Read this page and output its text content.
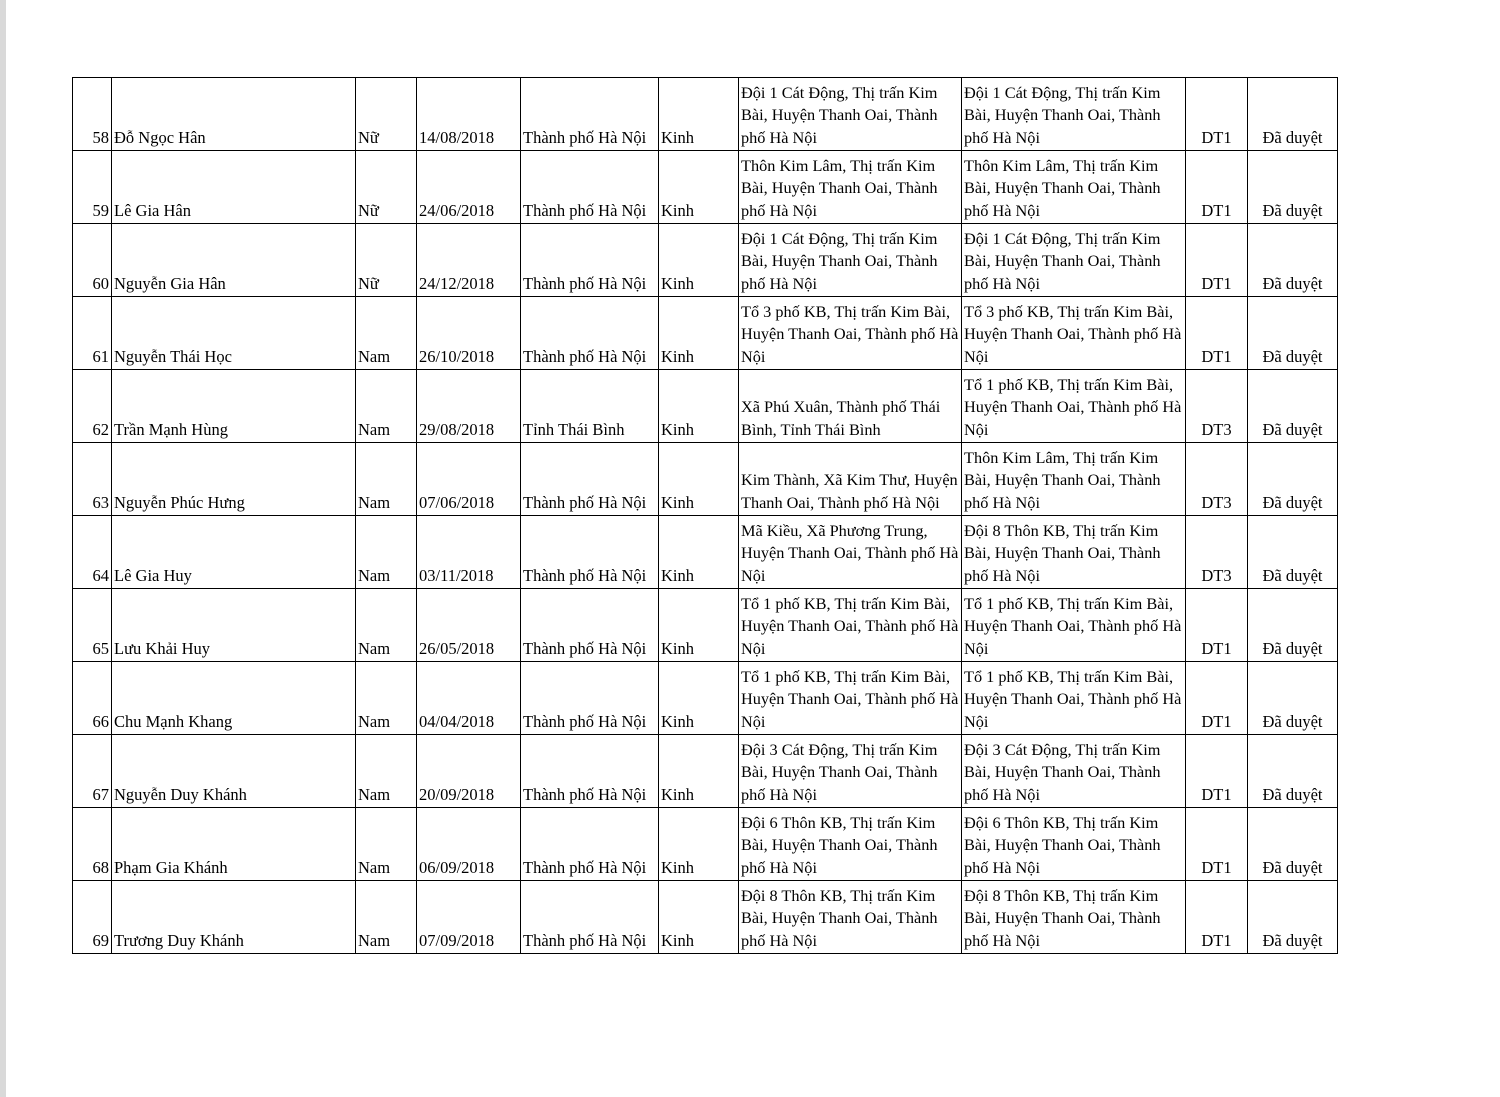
58	Đỗ Ngọc Hân	Nữ	14/08/2018	Thành phố Hà Nội	Kinh	Đội 1 Cát Động, Thị trấn Kim Bài, Huyện Thanh Oai, Thành phố Hà Nội	Đội 1 Cát Động, Thị trấn Kim Bài, Huyện Thanh Oai, Thành phố Hà Nội	DT1	Đã duyệt
59	Lê Gia Hân	Nữ	24/06/2018	Thành phố Hà Nội	Kinh	Thôn Kim Lâm, Thị trấn Kim Bài, Huyện Thanh Oai, Thành phố Hà Nội	Thôn Kim Lâm, Thị trấn Kim Bài, Huyện Thanh Oai, Thành phố Hà Nội	DT1	Đã duyệt
60	Nguyễn Gia Hân	Nữ	24/12/2018	Thành phố Hà Nội	Kinh	Đội 1 Cát Động, Thị trấn Kim Bài, Huyện Thanh Oai, Thành phố Hà Nội	Đội 1 Cát Động, Thị trấn Kim Bài, Huyện Thanh Oai, Thành phố Hà Nội	DT1	Đã duyệt
61	Nguyễn Thái Học	Nam	26/10/2018	Thành phố Hà Nội	Kinh	Tổ 3 phố KB, Thị trấn Kim Bài, Huyện Thanh Oai, Thành phố Hà Nội	Tổ 3 phố KB, Thị trấn Kim Bài, Huyện Thanh Oai, Thành phố Hà Nội	DT1	Đã duyệt
62	Trần Mạnh Hùng	Nam	29/08/2018	Tỉnh Thái Bình	Kinh	Xã Phú Xuân, Thành phố Thái Bình, Tỉnh Thái Bình	Tổ 1 phố KB, Thị trấn Kim Bài, Huyện Thanh Oai, Thành phố Hà Nội	DT3	Đã duyệt
63	Nguyễn Phúc Hưng	Nam	07/06/2018	Thành phố Hà Nội	Kinh	Kim Thành, Xã Kim Thư, Huyện Thanh Oai, Thành phố Hà Nội	Thôn Kim Lâm, Thị trấn Kim Bài, Huyện Thanh Oai, Thành phố Hà Nội	DT3	Đã duyệt
64	Lê Gia Huy	Nam	03/11/2018	Thành phố Hà Nội	Kinh	Mã Kiều, Xã Phương Trung, Huyện Thanh Oai, Thành phố Hà Nội	Đội 8 Thôn KB, Thị trấn Kim Bài, Huyện Thanh Oai, Thành phố Hà Nội	DT3	Đã duyệt
65	Lưu Khải Huy	Nam	26/05/2018	Thành phố Hà Nội	Kinh	Tổ 1 phố KB, Thị trấn Kim Bài, Huyện Thanh Oai, Thành phố Hà Nội	Tổ 1 phố KB, Thị trấn Kim Bài, Huyện Thanh Oai, Thành phố Hà Nội	DT1	Đã duyệt
66	Chu Mạnh Khang	Nam	04/04/2018	Thành phố Hà Nội	Kinh	Tổ 1 phố KB, Thị trấn Kim Bài, Huyện Thanh Oai, Thành phố Hà Nội	Tổ 1 phố KB, Thị trấn Kim Bài, Huyện Thanh Oai, Thành phố Hà Nội	DT1	Đã duyệt
67	Nguyễn Duy Khánh	Nam	20/09/2018	Thành phố Hà Nội	Kinh	Đội 3 Cát Động, Thị trấn Kim Bài, Huyện Thanh Oai, Thành phố Hà Nội	Đội 3 Cát Động, Thị trấn Kim Bài, Huyện Thanh Oai, Thành phố Hà Nội	DT1	Đã duyệt
68	Phạm Gia Khánh	Nam	06/09/2018	Thành phố Hà Nội	Kinh	Đội 6 Thôn KB, Thị trấn Kim Bài, Huyện Thanh Oai, Thành phố Hà Nội	Đội 6 Thôn KB, Thị trấn Kim Bài, Huyện Thanh Oai, Thành phố Hà Nội	DT1	Đã duyệt
69	Trương Duy Khánh	Nam	07/09/2018	Thành phố Hà Nội	Kinh	Đội 8 Thôn KB, Thị trấn Kim Bài, Huyện Thanh Oai, Thành phố Hà Nội	Đội 8 Thôn KB, Thị trấn Kim Bài, Huyện Thanh Oai, Thành phố Hà Nội	DT1	Đã duyệt
